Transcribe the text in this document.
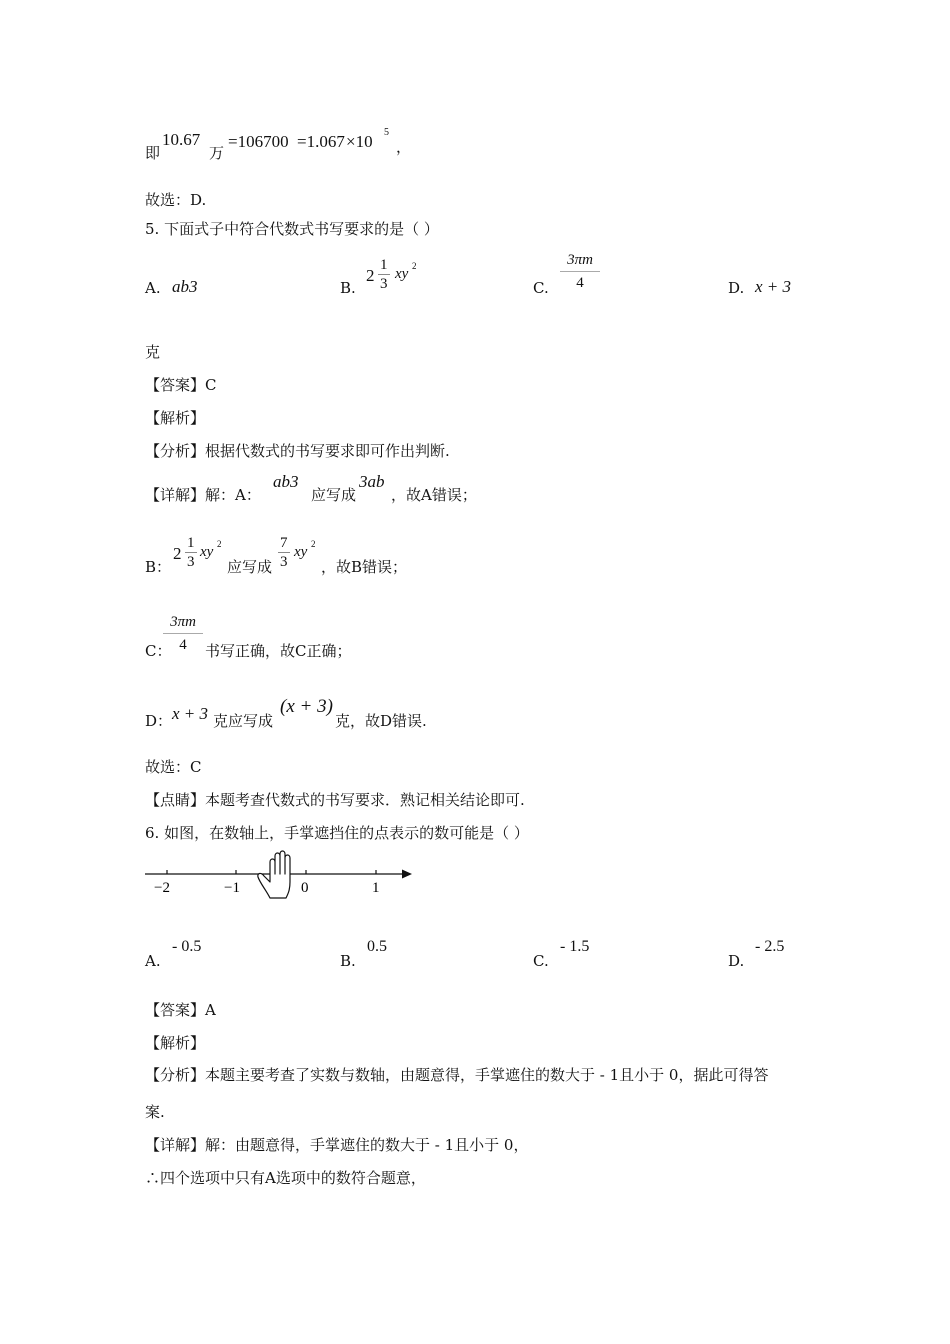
即
10.67
万
=106700 =1.067 ×10 5
，
故选：D.
5. 下面式子中符合代数式书写要求的是（ ）
A. ab3	B.
$2 \frac{1}{3}$ xy 2
C. $\frac{3\pi m}{4}$	D. x + 3
克
【答案】C
【解析】
【分析】根据代数式的书写要求即可作出判断.
【详解】解：A：
ab3
应写成
3ab
，故A错误；
B：
$2 \frac{1}{3}$ xy 2
应写成 $\frac{7}{3}$ xy 2
，故B错误；
C：
$\frac{3\pi m}{4}$ 书写正确，故C正确；
D： x + 3 克应写成
(x + 3)
克，故D错误.
故选：C
【点睛】本题考查代数式的书写要求．熟记相关结论即可.
6. 如图，在数轴上，手掌遮挡住的点表示的数可能是（ ）
−2	−1	0	1
A.
- 0.5
B.
0.5
C.
- 1.5
D.
- 2.5
【答案】A
【解析】
【分析】本题主要考查了实数与数轴，由题意得，手掌遮住的数大于 - 1且小于 0，据此可得答
案.
【详解】解：由题意得，手掌遮住的数大于 - 1且小于 0，
∴四个选项中只有A选项中的数符合题意，
